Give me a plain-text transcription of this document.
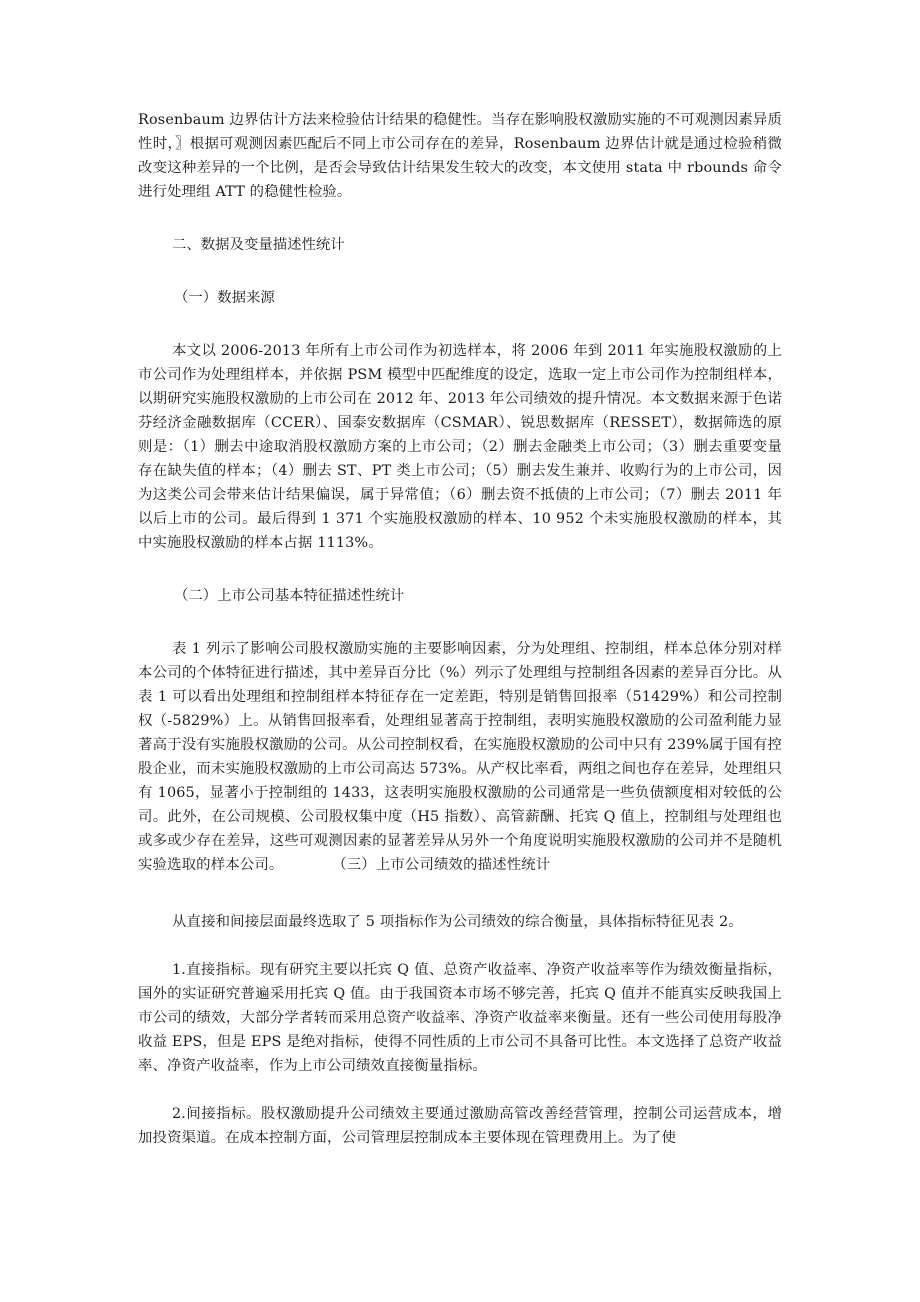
Rosenbaum 边界估计方法来检验估计结果的稳健性。当存在影响股权激励实施的不可观测因素异质性时，〗根据可观测因素匹配后不同上市公司存在的差异，Rosenbaum 边界估计就是通过检验稍微改变这种差异的一个比例，是否会导致估计结果发生较大的改变，本文使用 stata 中 rbounds 命令进行处理组 ATT 的稳健性检验。

二、数据及变量描述性统计

（一）数据来源

本文以 2006-2013 年所有上市公司作为初选样本，将 2006 年到 2011 年实施股权激励的上市公司作为处理组样本，并依据 PSM 模型中匹配维度的设定，选取一定上市公司作为控制组样本，以期研究实施股权激励的上市公司在 2012 年、2013 年公司绩效的提升情况。本文数据来源于色诺芬经济金融数据库（CCER）、国泰安数据库（CSMAR）、锐思数据库（RESSET），数据筛选的原则是：（1）删去中途取消股权激励方案的上市公司；（2）删去金融类上市公司；（3）删去重要变量存在缺失值的样本；（4）删去 ST、PT 类上市公司；（5）删去发生兼并、收购行为的上市公司，因为这类公司会带来估计结果偏误，属于异常值；（6）删去资不抵债的上市公司；（7）删去 2011 年以后上市的公司。最后得到 1 371 个实施股权激励的样本、10 952 个未实施股权激励的样本，其中实施股权激励的样本占据 1113%。

（二）上市公司基本特征描述性统计

表 1 列示了影响公司股权激励实施的主要影响因素，分为处理组、控制组，样本总体分别对样本公司的个体特征进行描述，其中差异百分比（%）列示了处理组与控制组各因素的差异百分比。从表 1 可以看出处理组和控制组样本特征存在一定差距，特别是销售回报率（51429%）和公司控制权（-5829%）上。从销售回报率看，处理组显著高于控制组，表明实施股权激励的公司盈利能力显著高于没有实施股权激励的公司。从公司控制权看，在实施股权激励的公司中只有 239%属于国有控股企业，而未实施股权激励的上市公司高达 573%。从产权比率看，两组之间也存在差异，处理组只有 1065，显著小于控制组的 1433，这表明实施股权激励的公司通常是一些负债额度相对较低的公司。此外，在公司规模、公司股权集中度（H5 指数）、高管薪酬、托宾 Q 值上，控制组与处理组也或多或少存在差异，这些可观测因素的显著差异从另外一个角度说明实施股权激励的公司并不是随机实验选取的样本公司。	（三）上市公司绩效的描述性统计

从直接和间接层面最终选取了 5 项指标作为公司绩效的综合衡量，具体指标特征见表 2。

1.直接指标。现有研究主要以托宾 Q 值、总资产收益率、净资产收益率等作为绩效衡量指标，国外的实证研究普遍采用托宾 Q 值。由于我国资本市场不够完善，托宾 Q 值并不能真实反映我国上市公司的绩效，大部分学者转而采用总资产收益率、净资产收益率来衡量。还有一些公司使用每股净收益 EPS，但是 EPS 是绝对指标，使得不同性质的上市公司不具备可比性。本文选择了总资产收益率、净资产收益率，作为上市公司绩效直接衡量指标。

2.间接指标。股权激励提升公司绩效主要通过激励高管改善经营管理，控制公司运营成本，增加投资渠道。在成本控制方面，公司管理层控制成本主要体现在管理费用上。为了使
